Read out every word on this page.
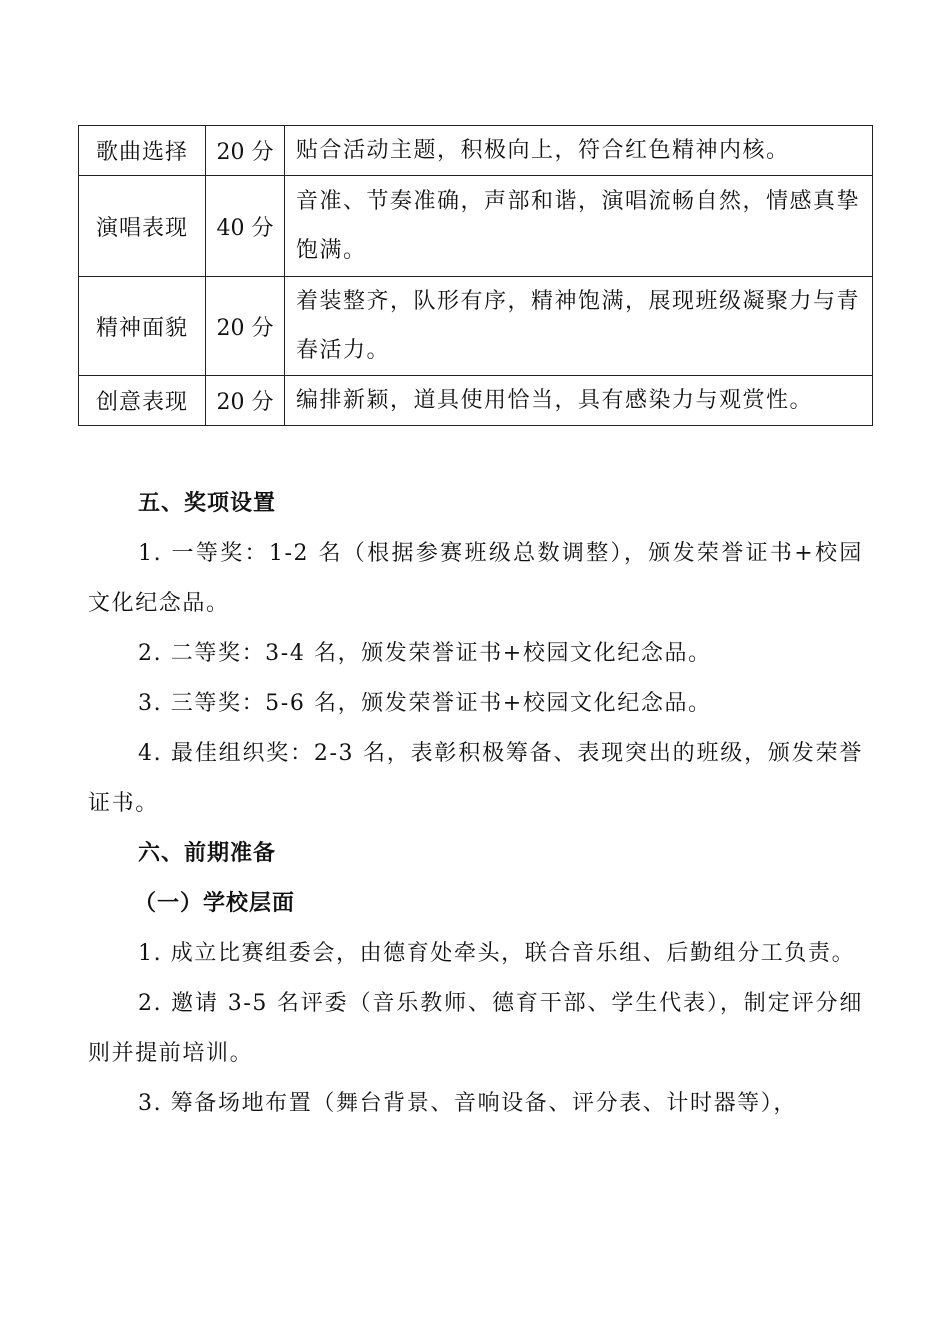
歌曲选择	20 分	贴合活动主题，积极向上，符合红色精神内核。
演唱表现	40 分	音准、节奏准确，声部和谐，演唱流畅自然，情感真挚饱满。
精神面貌	20 分	着装整齐，队形有序，精神饱满，展现班级凝聚力与青春活力。
创意表现	20 分	编排新颖，道具使用恰当，具有感染力与观赏性。
五、奖项设置
1. 一等奖：1-2 名（根据参赛班级总数调整），颁发荣誉证书+校园文化纪念品。
2. 二等奖：3-4 名，颁发荣誉证书+校园文化纪念品。
3. 三等奖：5-6 名，颁发荣誉证书+校园文化纪念品。
4. 最佳组织奖：2-3 名，表彰积极筹备、表现突出的班级，颁发荣誉证书。
六、前期准备
（一）学校层面
1. 成立比赛组委会，由德育处牵头，联合音乐组、后勤组分工负责。
2. 邀请 3-5 名评委（音乐教师、德育干部、学生代表），制定评分细则并提前培训。
3. 筹备场地布置（舞台背景、音响设备、评分表、计时器等），
